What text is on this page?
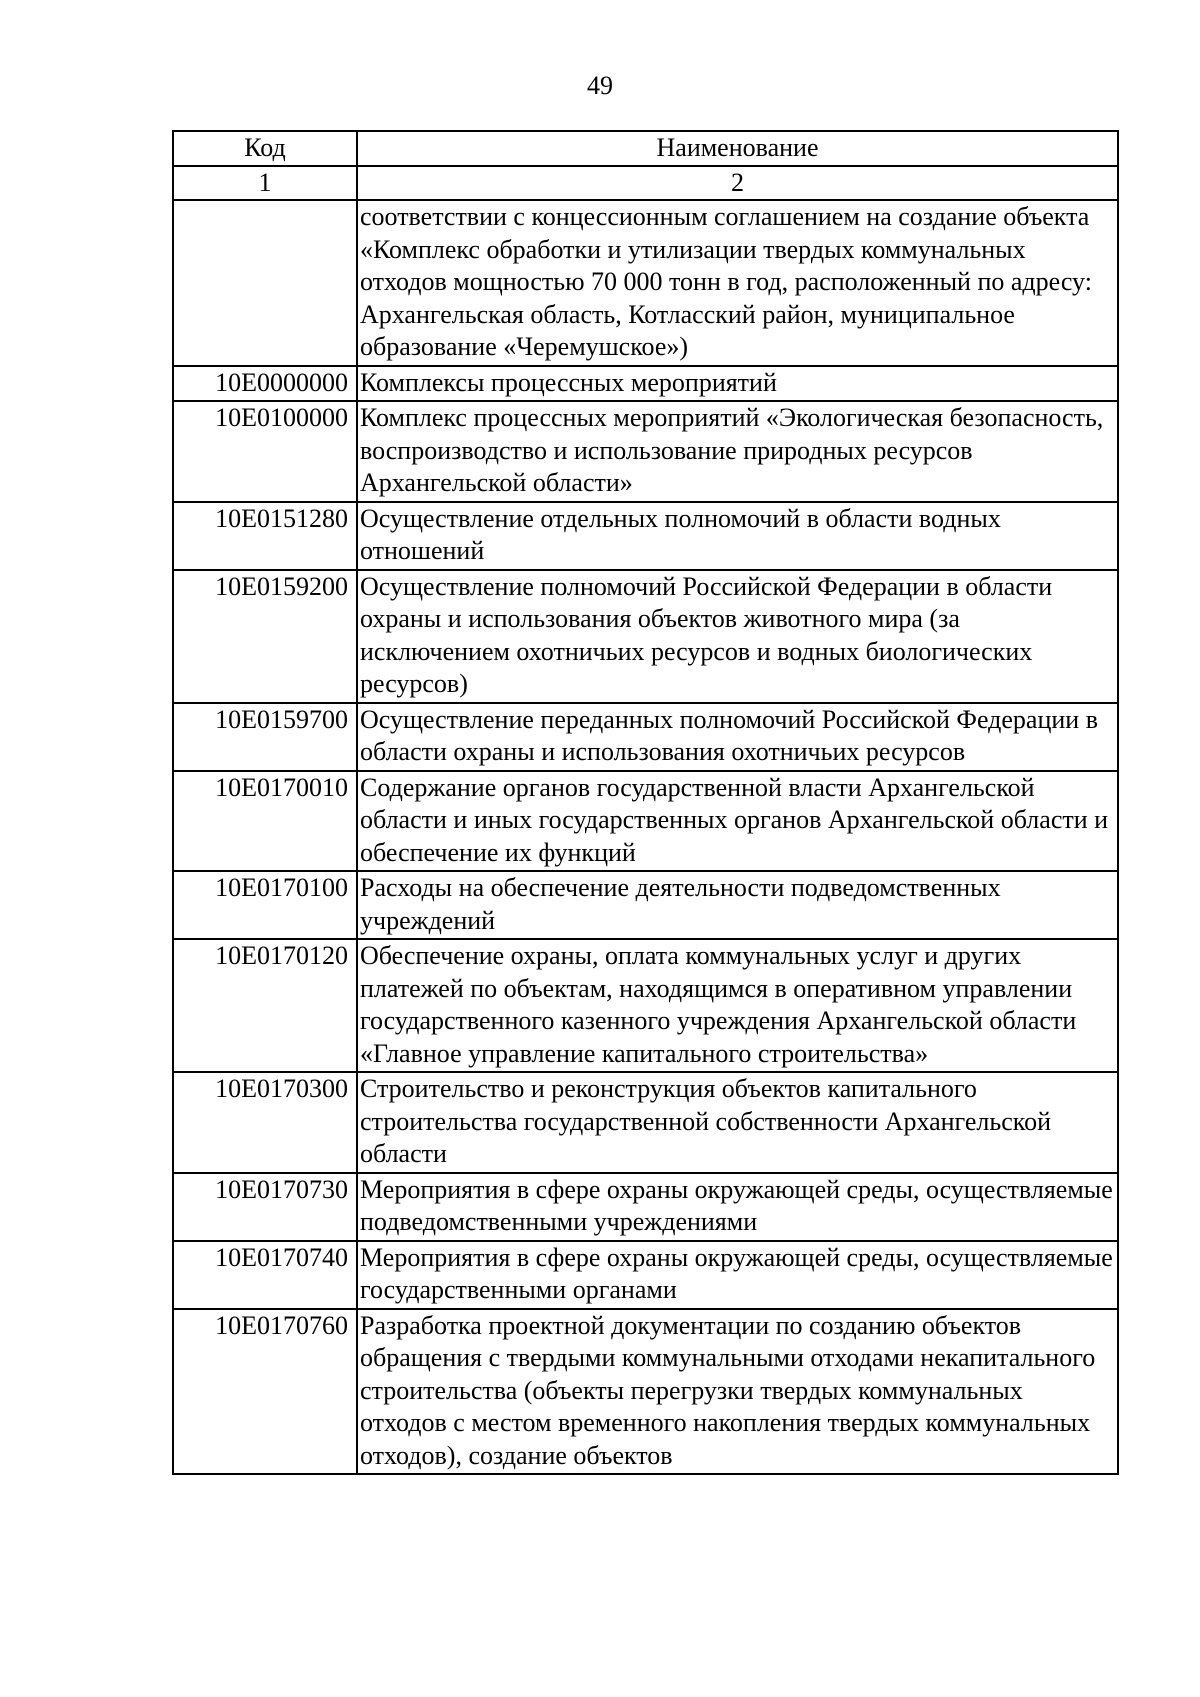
49
Код	Наименование
1	2
	соответствии с концессионным соглашением на создание объекта «Комплекс обработки и утилизации твердых коммунальных отходов мощностью 70 000 тонн в год, расположенный по адресу: Архангельская область, Котласский район, муниципальное образование «Черемушское»)
10Е0000000	Комплексы процессных мероприятий
10Е0100000	Комплекс процессных мероприятий «Экологическая безопасность, воспроизводство и использование природных ресурсов Архангельской области»
10Е0151280	Осуществление отдельных полномочий в области водных отношений
10Е0159200	Осуществление полномочий Российской Федерации в области охраны и использования объектов животного мира (за исключением охотничьих ресурсов и водных биологических ресурсов)
10Е0159700	Осуществление переданных полномочий Российской Федерации в области охраны и использования охотничьих ресурсов
10Е0170010	Содержание органов государственной власти Архангельской области и иных государственных органов Архангельской области и обеспечение их функций
10Е0170100	Расходы на обеспечение деятельности подведомственных учреждений
10Е0170120	Обеспечение охраны, оплата коммунальных услуг и других платежей по объектам, находящимся в оперативном управлении государственного казенного учреждения Архангельской области «Главное управление капитального строительства»
10Е0170300	Строительство и реконструкция объектов капитального строительства государственной собственности Архангельской области
10Е0170730	Мероприятия в сфере охраны окружающей среды, осуществляемые подведомственными учреждениями
10Е0170740	Мероприятия в сфере охраны окружающей среды, осуществляемые государственными органами
10Е0170760	Разработка проектной документации по созданию объектов обращения с твердыми коммунальными отходами некапитального строительства (объекты перегрузки твердых коммунальных отходов с местом временного накопления твердых коммунальных отходов), создание объектов
